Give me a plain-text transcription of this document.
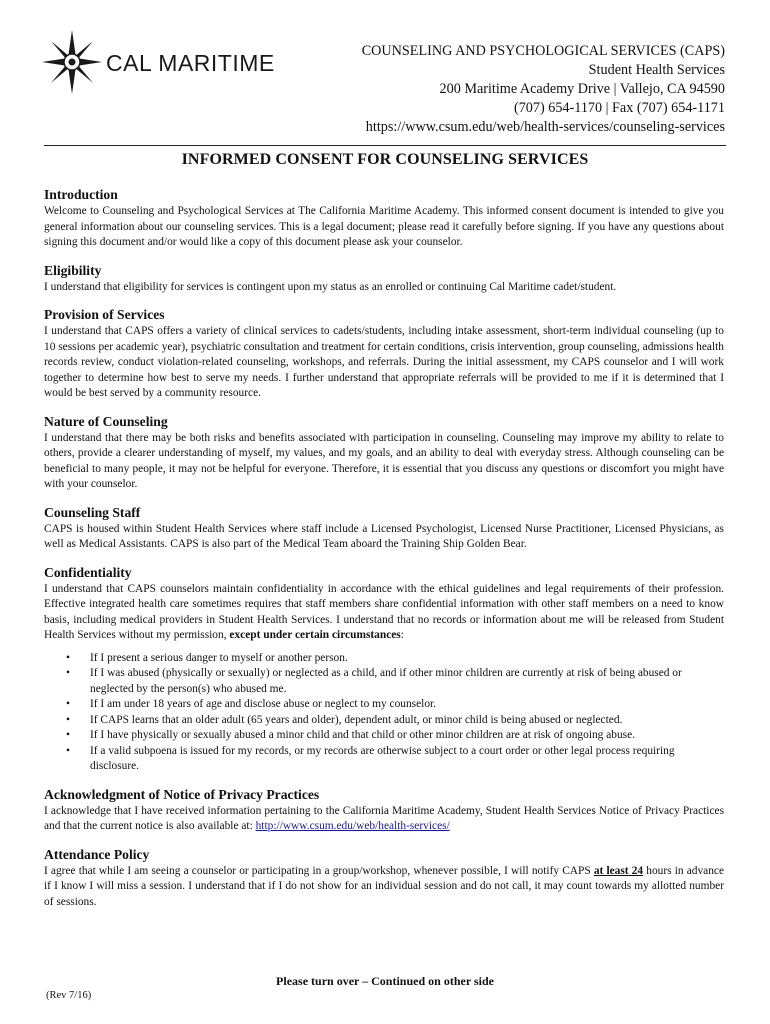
CAL MARITIME	COUNSELING AND PSYCHOLOGICAL SERVICES (CAPS)
Student Health Services
200 Maritime Academy Drive | Vallejo, CA 94590
(707) 654-1170 | Fax (707) 654-1171
https://www.csum.edu/web/health-services/counseling-services
INFORMED CONSENT FOR COUNSELING SERVICES
Introduction

Welcome to Counseling and Psychological Services at The California Maritime Academy. This informed consent document is intended to give you general information about our counseling services. This is a legal document; please read it carefully before signing. If you have any questions about signing this document and/or would like a copy of this document please ask your counselor.

Eligibility

I understand that eligibility for services is contingent upon my status as an enrolled or continuing Cal Maritime cadet/student.

Provision of Services

I understand that CAPS offers a variety of clinical services to cadets/students, including intake assessment, short-term individual counseling (up to 10 sessions per academic year), psychiatric consultation and treatment for certain conditions, crisis intervention, group counseling, admissions health records review, conduct violation-related counseling, workshops, and referrals. During the initial assessment, my CAPS counselor and I will work together to determine how best to serve my needs. I further understand that appropriate referrals will be provided to me if it is determined that I would be best served by a community resource.

Nature of Counseling

I understand that there may be both risks and benefits associated with participation in counseling. Counseling may improve my ability to relate to others, provide a clearer understanding of myself, my values, and my goals, and an ability to deal with everyday stress. Although counseling can be beneficial to many people, it may not be helpful for everyone. Therefore, it is essential that you discuss any questions or discomfort you might have with your counselor.

Counseling Staff

CAPS is housed within Student Health Services where staff include a Licensed Psychologist, Licensed Nurse Practitioner, Licensed Physicians, as well as Medical Assistants. CAPS is also part of the Medical Team aboard the Training Ship Golden Bear.

Confidentiality

I understand that CAPS counselors maintain confidentiality in accordance with the ethical guidelines and legal requirements of their profession. Effective integrated health care sometimes requires that staff members share confidential information with other staff members on a need to know basis, including medical providers in Student Health Services. I understand that no records or information about me will be released from Student Health Services without my permission, except under certain circumstances:

• If I present a serious danger to myself or another person.
• If I was abused (physically or sexually) or neglected as a child, and if other minor children are currently at risk of being abused or neglected by the person(s) who abused me.
• If I am under 18 years of age and disclose abuse or neglect to my counselor.
• If CAPS learns that an older adult (65 years and older), dependent adult, or minor child is being abused or neglected.
• If I have physically or sexually abused a minor child and that child or other minor children are at risk of ongoing abuse.
• If a valid subpoena is issued for my records, or my records are otherwise subject to a court order or other legal process requiring disclosure.
Acknowledgment of Notice of Privacy Practices

I acknowledge that I have received information pertaining to the California Maritime Academy, Student Health Services Notice of Privacy Practices and that the current notice is also available at: http://www.csum.edu/web/health-services/

Attendance Policy

I agree that while I am seeing a counselor or participating in a group/workshop, whenever possible, I will notify CAPS at least 24 hours in advance if I know I will miss a session. I understand that if I do not show for an individual session and do not call, it may count towards my allotted number of sessions.

Please turn over – Continued on other side
(Rev 7/16)
